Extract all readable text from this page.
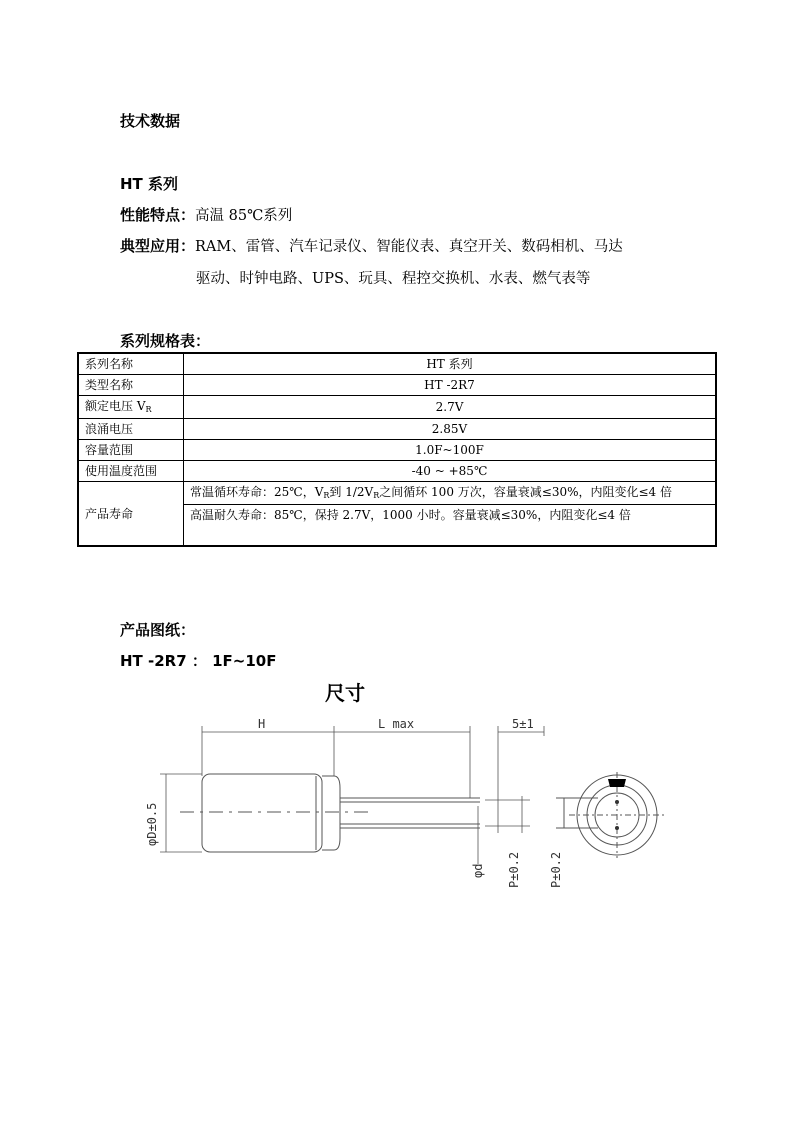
技术数据
HT 系列
性能特点：高温 85℃系列
典型应用：RAM、雷管、汽车记录仪、智能仪表、真空开关、数码相机、马达
驱动、时钟电路、UPS、玩具、程控交换机、水表、燃气表等
系列规格表：
系列名称	HT 系列
类型名称	HT -2R7
额定电压 $V_R$	2.7V
浪涌电压	2.85V
容量范围	1.0F~100F
使用温度范围	-40 ~ +85℃
产品寿命	常温循环寿命：25℃，$V_R$到 $1/2V_R$之间循环 100 万次，容量衰减≤30%，内阻变化≤4 倍
	高温耐久寿命：85℃，保持 2.7V，1000 小时。容量衰减≤30%，内阻变化≤4 倍
产品图纸：
HT -2R7 ： 1F~10F
尺寸
H	L max	5±1
φD±0.5
φd P±0.2 P±0.2
